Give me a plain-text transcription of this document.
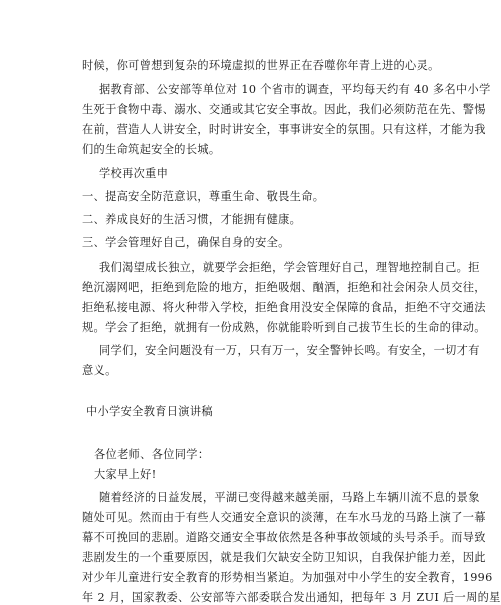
时候，你可曾想到复杂的环境虚拟的世界正在吞噬你年青上进的心灵。
据教育部、公安部等单位对 10 个省市的调查，平均每天约有 40 多名中小学
生死于食物中毒、溺水、交通或其它安全事故。因此，我们必须防范在先、警惕
在前，营造人人讲安全，时时讲安全，事事讲安全的氛围。只有这样，才能为我
们的生命筑起安全的长城。
学校再次重申
一、提高安全防范意识，尊重生命、敬畏生命。
二、养成良好的生活习惯，才能拥有健康。
三、学会管理好自己，确保自身的安全。
我们渴望成长独立，就要学会拒绝，学会管理好自己，理智地控制自己。拒
绝沉溺网吧，拒绝到危险的地方，拒绝吸烟、酗酒，拒绝和社会闲杂人员交往，
拒绝私接电源、将火种带入学校，拒绝食用没安全保障的食品，拒绝不守交通法
规。学会了拒绝，就拥有一份成熟，你就能聆听到自己拔节生长的生命的律动。
同学们，安全问题没有一万，只有万一，安全警钟长鸣。有安全，一切才有
意义。
中小学安全教育日演讲稿
各位老师、各位同学：
大家早上好!
随着经济的日益发展，平湖已变得越来越美丽，马路上车辆川流不息的景象
随处可见。然而由于有些人交通安全意识的淡薄，在车水马龙的马路上演了一幕
幕不可挽回的悲剧。道路交通安全事故依然是各种事故领域的头号杀手。而导致
悲剧发生的一个重要原因，就是我们欠缺安全防卫知识，自我保护能力差，因此
对少年儿童进行安全教育的形势相当紧迫。为加强对中小学生的安全教育，1996
年 2 月，国家教委、公安部等六部委联合发出通知，把每年 3 月 ZUI 后一周的星
